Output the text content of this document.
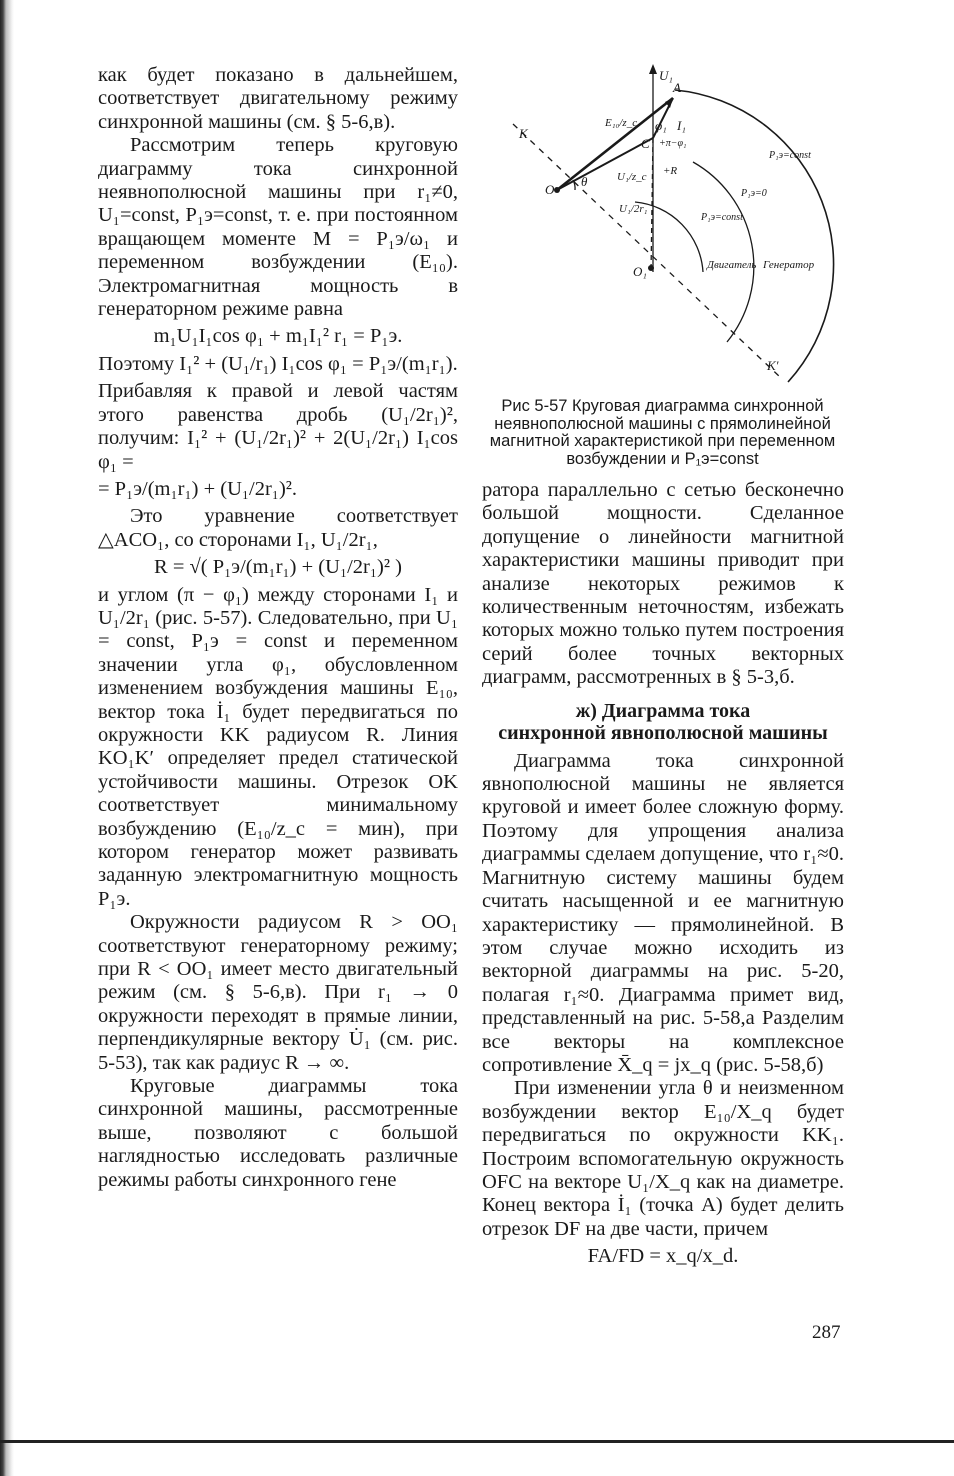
как будет показано в дальнейшем, соответствует двигательному режиму синхронной машины (см. § 5-6,в).

Рассмотрим теперь круговую диаграмму тока синхронной неявнополюсной машины при r₁≠0, U₁=const, P₁э=const, т. е. при постоянном вращающем моменте M = P₁э/ω₁ и переменном возбуждении (E₁₀). Электромагнитная мощность в генераторном режиме равна

m₁U₁I₁cos φ₁ + m₁I₁² r₁ = P₁э.
Поэтому I₁² + (U₁/r₁) I₁cos φ₁ = P₁э/(m₁r₁).

Прибавляя к правой и левой частям этого равенства дробь (U₁/2r₁)², получим: I₁² + (U₁/2r₁)² + 2(U₁/2r₁) I₁cos φ₁ =

= P₁э/(m₁r₁) + (U₁/2r₁)².

Это уравнение соответствует △ACO₁, со сторонами I₁, U₁/2r₁,

R = √( P₁э/(m₁r₁) + (U₁/2r₁)² )

и углом (π − φ₁) между сторонами I₁ и U₁/2r₁ (рис. 5-57). Следовательно, при U₁ = const, P₁э = const и переменном значении угла φ₁, обусловленном изменением возбуждения машины E₁₀, вектор тока İ₁ будет передвигаться по окружности KK радиусом R. Линия KO₁K′ определяет предел статической устойчивости машины. Отрезок OK соответствует минимальному возбуждению (E₁₀/z_c = мин), при котором генератор может развивать заданную электромагнитную мощность P₁э.

Окружности радиусом R > OO₁ соответствуют генераторному режиму; при R < OO₁ имеет место двигательный режим (см. § 5-6,в). При r₁ → 0 окружности переходят в прямые линии, перпендикулярные вектору U̇₁ (см. рис. 5-53), так как радиус R → ∞.

Круговые диаграммы тока синхронной машины, рассмотренные выше, позволяют с большой наглядностью исследовать различные режимы работы синхронного гене

U₁
A
K
K′
O
O₁
C
I₁
θ
φ₁
+π−φ₁
+R
E₁₀/z_c
U₁/z_c
U₁/2r₁
P₁э=const
P₁э=0
P₁э=const
Двигатель Генератор
Рис 5-57 Круговая диаграмма синхронной неявнополюсной машины с прямолинейной магнитной характеристикой при переменном возбуждении и P₁э=const

ратора параллельно с сетью бесконечно большой мощности. Сделанное допущение о линейности магнитной характеристики машины приводит при анализе некоторых режимов к количественным неточностям, избежать которых можно только путем построения серий более точных векторных диаграмм, рассмотренных в § 5-3,б.

ж) Диаграмма тока
синхронной явнополюсной машины

Диаграмма тока синхронной явнополюсной машины не является круговой и имеет более сложную форму. Поэтому для упрощения анализа диаграммы сделаем допущение, что r₁≈0. Магнитную систему машины будем считать насыщенной и ее магнитную характеристику — прямолинейной. В этом случае можно исходить из векторной диаграммы на рис. 5-20, полагая r₁≈0. Диаграмма примет вид, представленный на рис. 5-58,а Разделим все векторы на комплексное сопротивление X̄_q = jx_q (рис. 5-58,б)

При изменении угла θ и неизменном возбуждении вектор E₁₀/X_q будет передвигаться по окружности KK₁. Построим вспомогательную окружность OFC на векторе U₁/X_q как на диаметре. Конец вектора İ₁ (точка A) будет делить отрезок DF на две части, причем

FA/FD = x_q/x_d.
287
